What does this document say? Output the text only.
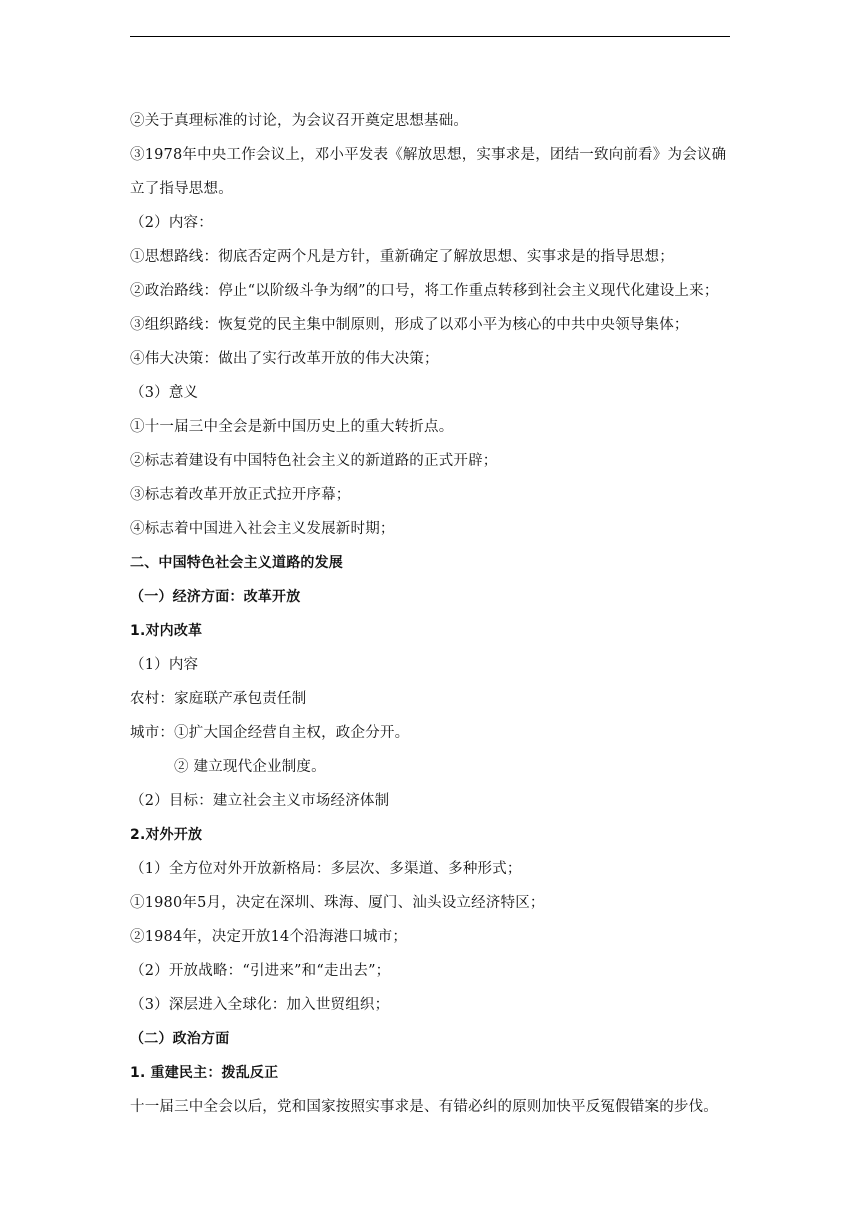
②关于真理标准的讨论，为会议召开奠定思想基础。
③1978年中央工作会议上，邓小平发表《解放思想，实事求是，团结一致向前看》为会议确立了指导思想。
（2）内容：
①思想路线：彻底否定两个凡是方针，重新确定了解放思想、实事求是的指导思想；
②政治路线：停止“以阶级斗争为纲”的口号，将工作重点转移到社会主义现代化建设上来；
③组织路线：恢复党的民主集中制原则，形成了以邓小平为核心的中共中央领导集体；
④伟大决策：做出了实行改革开放的伟大决策；
（3）意义
①十一届三中全会是新中国历史上的重大转折点。
②标志着建设有中国特色社会主义的新道路的正式开辟；
③标志着改革开放正式拉开序幕；
④标志着中国进入社会主义发展新时期；
二、中国特色社会主义道路的发展
（一）经济方面：改革开放
1.对内改革
（1）内容
农村：家庭联产承包责任制
城市：①扩大国企经营自主权，政企分开。
② 建立现代企业制度。
（2）目标：建立社会主义市场经济体制
2.对外开放
（1）全方位对外开放新格局：多层次、多渠道、多种形式；
①1980年5月，决定在深圳、珠海、厦门、汕头设立经济特区；
②1984年，决定开放14个沿海港口城市；
（2）开放战略：“引进来”和“走出去”；
（3）深层进入全球化：加入世贸组织；
（二）政治方面
1. 重建民主：拨乱反正
十一届三中全会以后，党和国家按照实事求是、有错必纠的原则加快平反冤假错案的步伐。
